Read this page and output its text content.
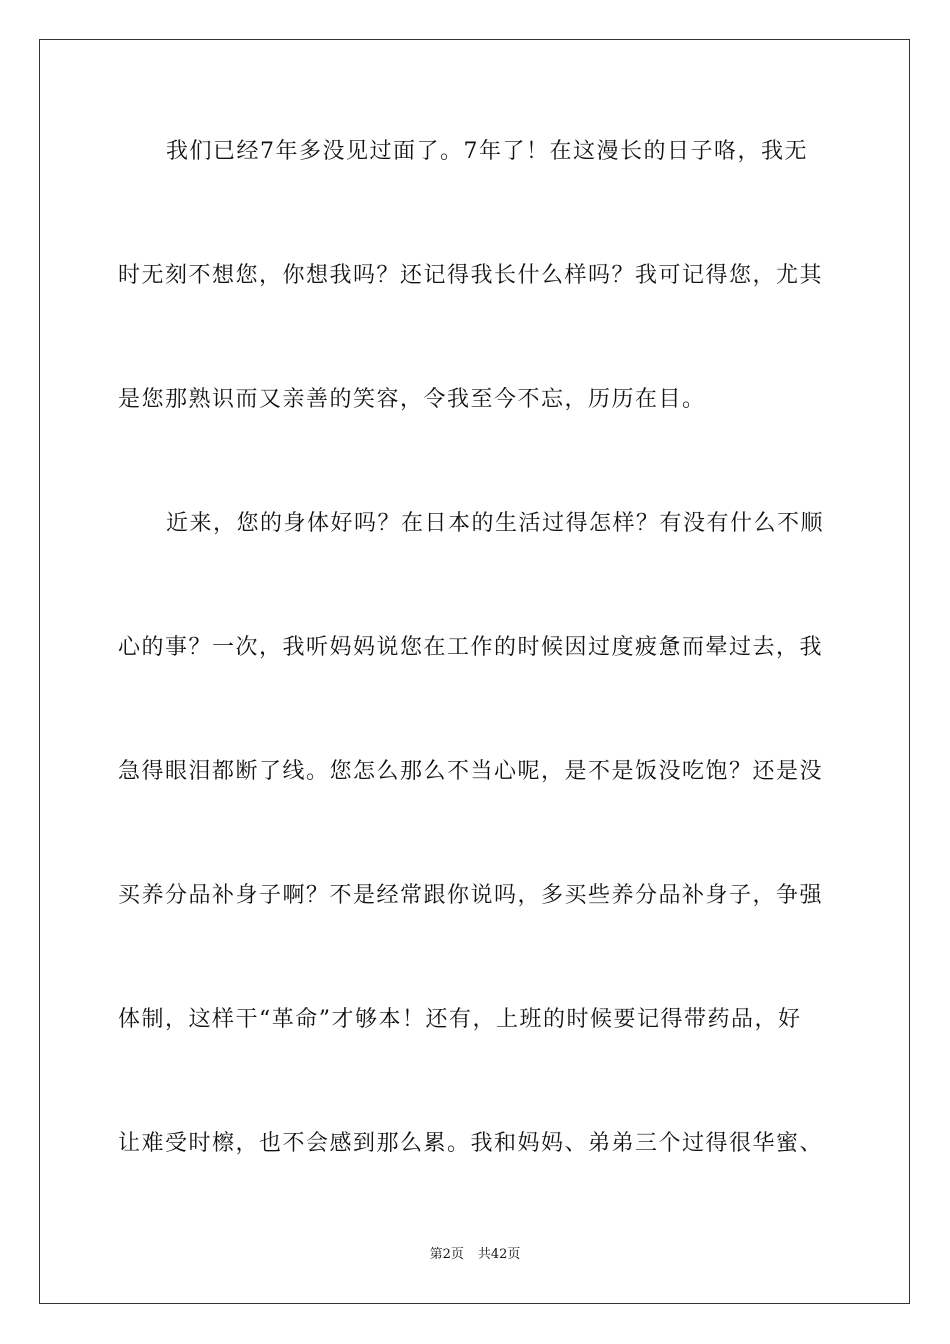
我们已经7年多没见过面了。7年了！在这漫长的日子咯，我无
时无刻不想您，你想我吗？还记得我长什么样吗？我可记得您，尤其
是您那熟识而又亲善的笑容，令我至今不忘，历历在目。
近来，您的身体好吗？在日本的生活过得怎样？有没有什么不顺
心的事？一次，我听妈妈说您在工作的时候因过度疲惫而晕过去，我
急得眼泪都断了线。您怎么那么不当心呢，是不是饭没吃饱？还是没
买养分品补身子啊？不是经常跟你说吗，多买些养分品补身子，争强
体制，这样干“革命”才够本！还有，上班的时候要记得带药品，好
让难受时檫，也不会感到那么累。我和妈妈、弟弟三个过得很华蜜、
第2页 共42页
